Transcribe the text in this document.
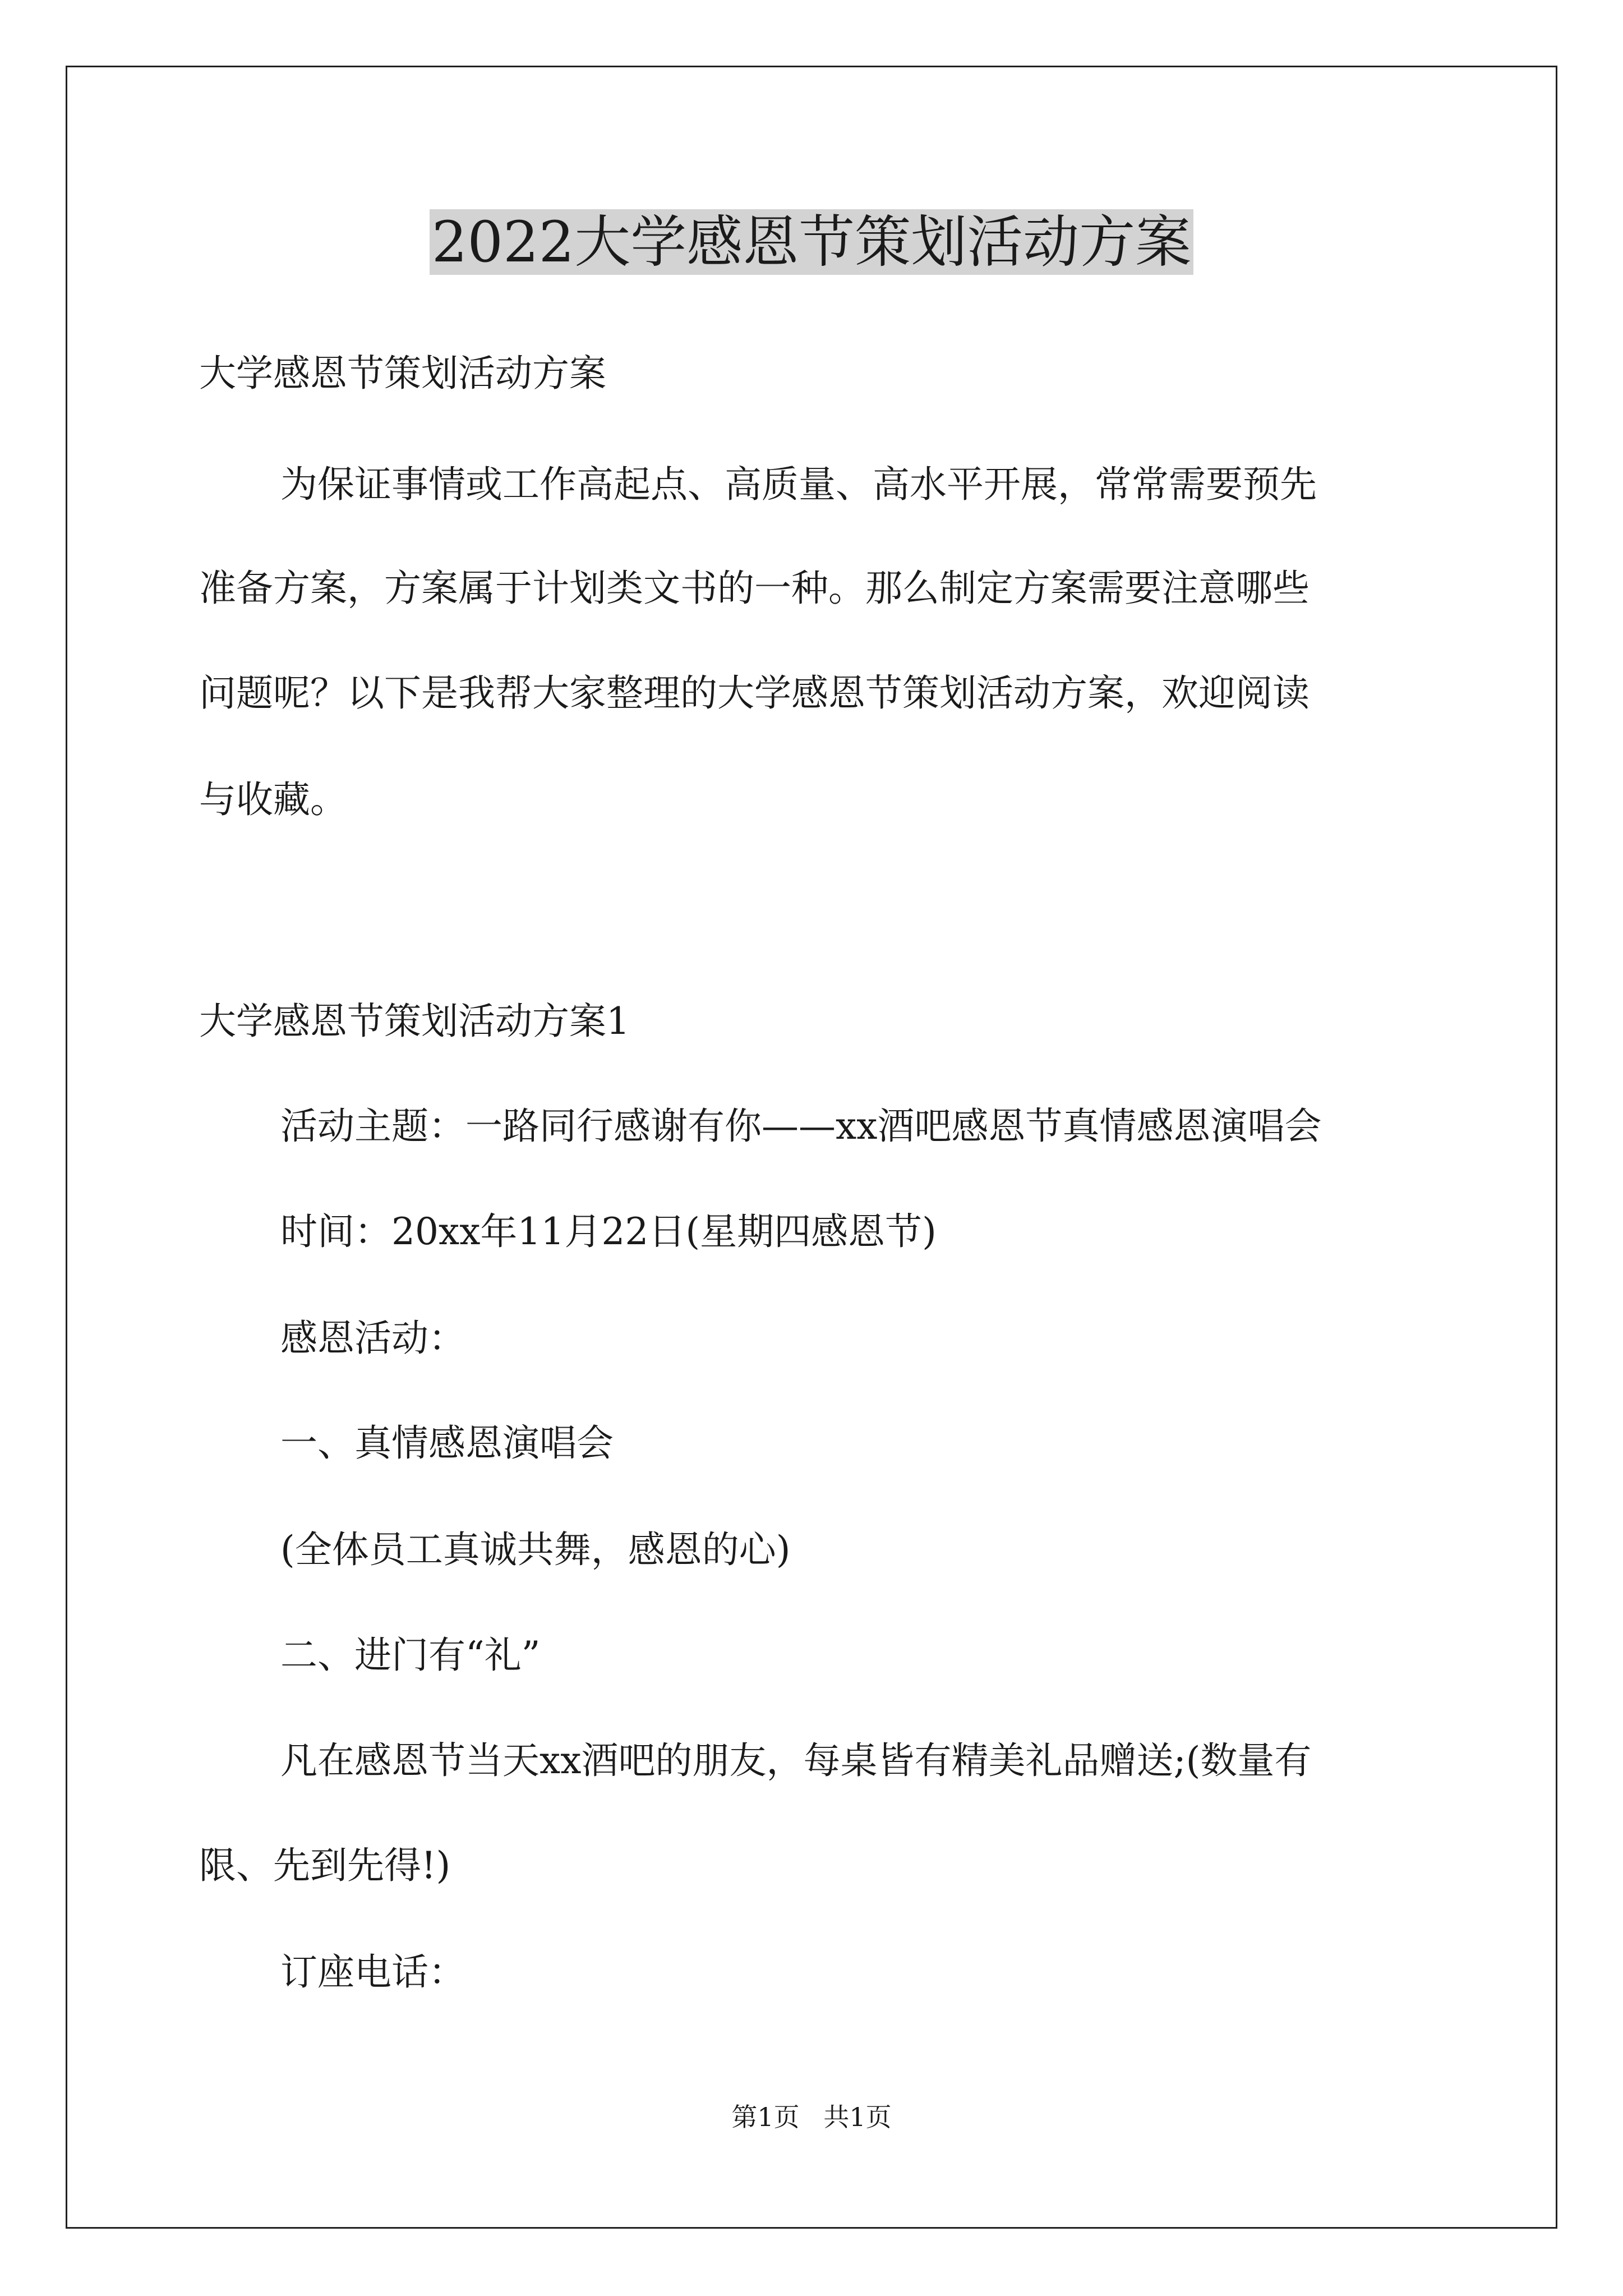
2022大学感恩节策划活动方案

大学感恩节策划活动方案

为保证事情或工作高起点、高质量、高水平开展，常常需要预先

准备方案，方案属于计划类文书的一种。那么制定方案需要注意哪些

问题呢？以下是我帮大家整理的大学感恩节策划活动方案，欢迎阅读

与收藏。

大学感恩节策划活动方案1

活动主题：一路同行感谢有你——xx酒吧感恩节真情感恩演唱会

时间：20xx年11月22日(星期四感恩节)

感恩活动：

一、真情感恩演唱会

(全体员工真诚共舞，感恩的心)

二、进门有“礼”

凡在感恩节当天xx酒吧的朋友，每桌皆有精美礼品赠送;(数量有

限、先到先得!)

订座电话：

第1页 共1页
